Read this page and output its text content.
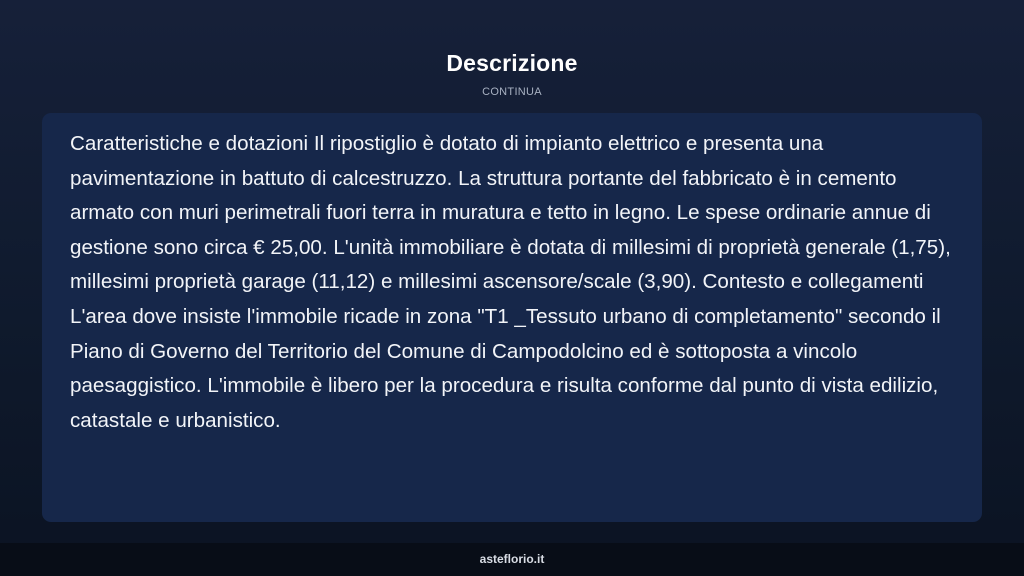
Descrizione
CONTINUA

Caratteristiche e dotazioni Il ripostiglio è dotato di impianto elettrico e presenta una pavimentazione in battuto di calcestruzzo. La struttura portante del fabbricato è in cemento armato con muri perimetrali fuori terra in muratura e tetto in legno. Le spese ordinarie annue di gestione sono circa € 25,00. L'unità immobiliare è dotata di millesimi di proprietà generale (1,75), millesimi proprietà garage (11,12) e millesimi ascensore/scale (3,90). Contesto e collegamenti L'area dove insiste l'immobile ricade in zona "T1 _Tessuto urbano di completamento" secondo il Piano di Governo del Territorio del Comune di Campodolcino ed è sottoposta a vincolo paesaggistico. L'immobile è libero per la procedura e risulta conforme dal punto di vista edilizio, catastale e urbanistico.

asteflorio.it
